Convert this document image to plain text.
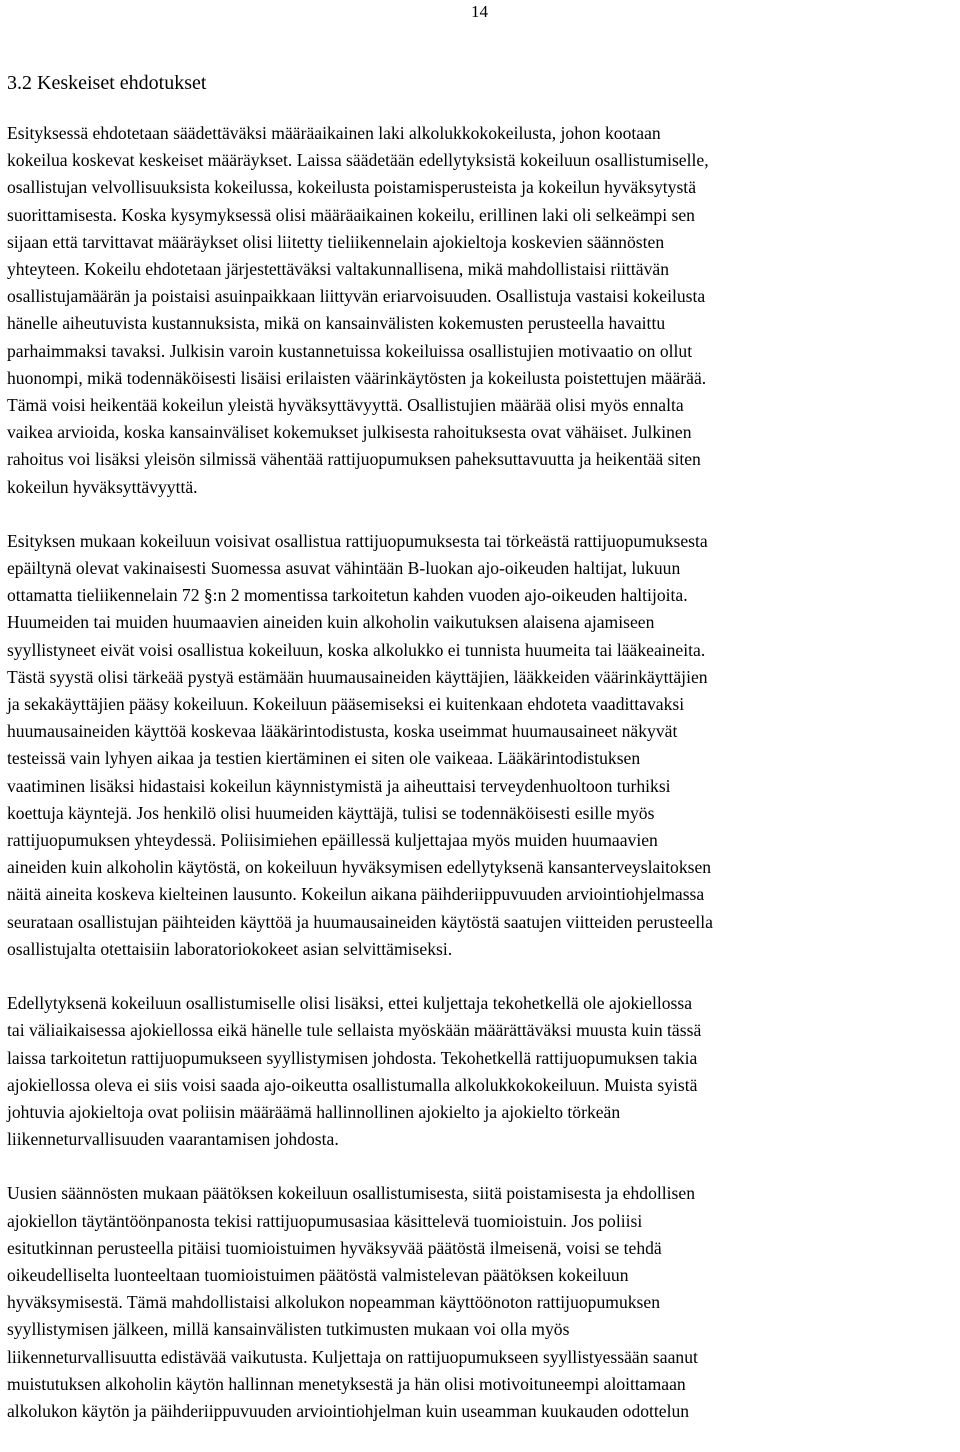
14
3.2 Keskeiset ehdotukset

Esityksessä ehdotetaan säädettäväksi määräaikainen laki alkolukkokokeilusta, johon kootaan
kokeilua koskevat keskeiset määräykset. Laissa säädetään edellytyksistä kokeiluun osallistumiselle,
osallistujan velvollisuuksista kokeilussa, kokeilusta poistamisperusteista ja kokeilun hyväksytystä
suorittamisesta. Koska kysymyksessä olisi määräaikainen kokeilu, erillinen laki oli selkeämpi sen
sijaan että tarvittavat määräykset olisi liitetty tieliikennelain ajokieltoja koskevien säännösten
yhteyteen. Kokeilu ehdotetaan järjestettäväksi valtakunnallisena, mikä mahdollistaisi riittävän
osallistujamäärän ja poistaisi asuinpaikkaan liittyvän eriarvoisuuden. Osallistuja vastaisi kokeilusta
hänelle aiheutuvista kustannuksista, mikä on kansainvälisten kokemusten perusteella havaittu
parhaimmaksi tavaksi. Julkisin varoin kustannetuissa kokeiluissa osallistujien motivaatio on ollut
huonompi, mikä todennäköisesti lisäisi erilaisten väärinkäytösten ja kokeilusta poistettujen määrää.
Tämä voisi heikentää kokeilun yleistä hyväksyttävyyttä. Osallistujien määrää olisi myös ennalta
vaikea arvioida, koska kansainväliset kokemukset julkisesta rahoituksesta ovat vähäiset. Julkinen
rahoitus voi lisäksi yleisön silmissä vähentää rattijuopumuksen paheksuttavuutta ja heikentää siten
kokeilun hyväksyttävyyttä.

Esityksen mukaan kokeiluun voisivat osallistua rattijuopumuksesta tai törkeästä rattijuopumuksesta
epäiltynä olevat vakinaisesti Suomessa asuvat vähintään B-luokan ajo-oikeuden haltijat, lukuun
ottamatta tieliikennelain 72 §:n 2 momentissa tarkoitetun kahden vuoden ajo-oikeuden haltijoita.
Huumeiden tai muiden huumaavien aineiden kuin alkoholin vaikutuksen alaisena ajamiseen
syyllistyneet eivät voisi osallistua kokeiluun, koska alkolukko ei tunnista huumeita tai lääkeaineita.
Tästä syystä olisi tärkeää pystyä estämään huumausaineiden käyttäjien, lääkkeiden väärinkäyttäjien
ja sekakäyttäjien pääsy kokeiluun. Kokeiluun pääsemiseksi ei kuitenkaan ehdoteta vaadittavaksi
huumausaineiden käyttöä koskevaa lääkärintodistusta, koska useimmat huumausaineet näkyvät
testeissä vain lyhyen aikaa ja testien kiertäminen ei siten ole vaikeaa. Lääkärintodistuksen
vaatiminen lisäksi hidastaisi kokeilun käynnistymistä ja aiheuttaisi terveydenhuoltoon turhiksi
koettuja käyntejä. Jos henkilö olisi huumeiden käyttäjä, tulisi se todennäköisesti esille myös
rattijuopumuksen yhteydessä. Poliisimiehen epäillessä kuljettajaa myös muiden huumaavien
aineiden kuin alkoholin käytöstä, on kokeiluun hyväksymisen edellytyksenä kansanterveyslaitoksen
näitä aineita koskeva kielteinen lausunto. Kokeilun aikana päihderiippuvuuden arviointiohjelmassa
seurataan osallistujan päihteiden käyttöä ja huumausaineiden käytöstä saatujen viitteiden perusteella
osallistujalta otettaisiin laboratoriokokeet asian selvittämiseksi.

Edellytyksenä kokeiluun osallistumiselle olisi lisäksi, ettei kuljettaja tekohetkellä ole ajokiellossa
tai väliaikaisessa ajokiellossa eikä hänelle tule sellaista myöskään määrättäväksi muusta kuin tässä
laissa tarkoitetun rattijuopumukseen syyllistymisen johdosta. Tekohetkellä rattijuopumuksen takia
ajokiellossa oleva ei siis voisi saada ajo-oikeutta osallistumalla alkolukkokokeiluun. Muista syistä
johtuvia ajokieltoja ovat poliisin määräämä hallinnollinen ajokielto ja ajokielto törkeän
liikenneturvallisuuden vaarantamisen johdosta.

Uusien säännösten mukaan päätöksen kokeiluun osallistumisesta, siitä poistamisesta ja ehdollisen
ajokiellon täytäntöönpanosta tekisi rattijuopumusasiaa käsittelevä tuomioistuin. Jos poliisi
esitutkinnan perusteella pitäisi tuomioistuimen hyväksyvää päätöstä ilmeisenä, voisi se tehdä
oikeudelliselta luonteeltaan tuomioistuimen päätöstä valmistelevan päätöksen kokeiluun
hyväksymisestä. Tämä mahdollistaisi alkolukon nopeamman käyttöönoton rattijuopumuksen
syyllistymisen jälkeen, millä kansainvälisten tutkimusten mukaan voi olla myös
liikenneturvallisuutta edistävää vaikutusta. Kuljettaja on rattijuopumukseen syyllistyessään saanut
muistutuksen alkoholin käytön hallinnan menetyksestä ja hän olisi motivoituneempi aloittamaan
alkolukon käytön ja päihderiippuvuuden arviointiohjelman kuin useamman kuukauden odottelun
